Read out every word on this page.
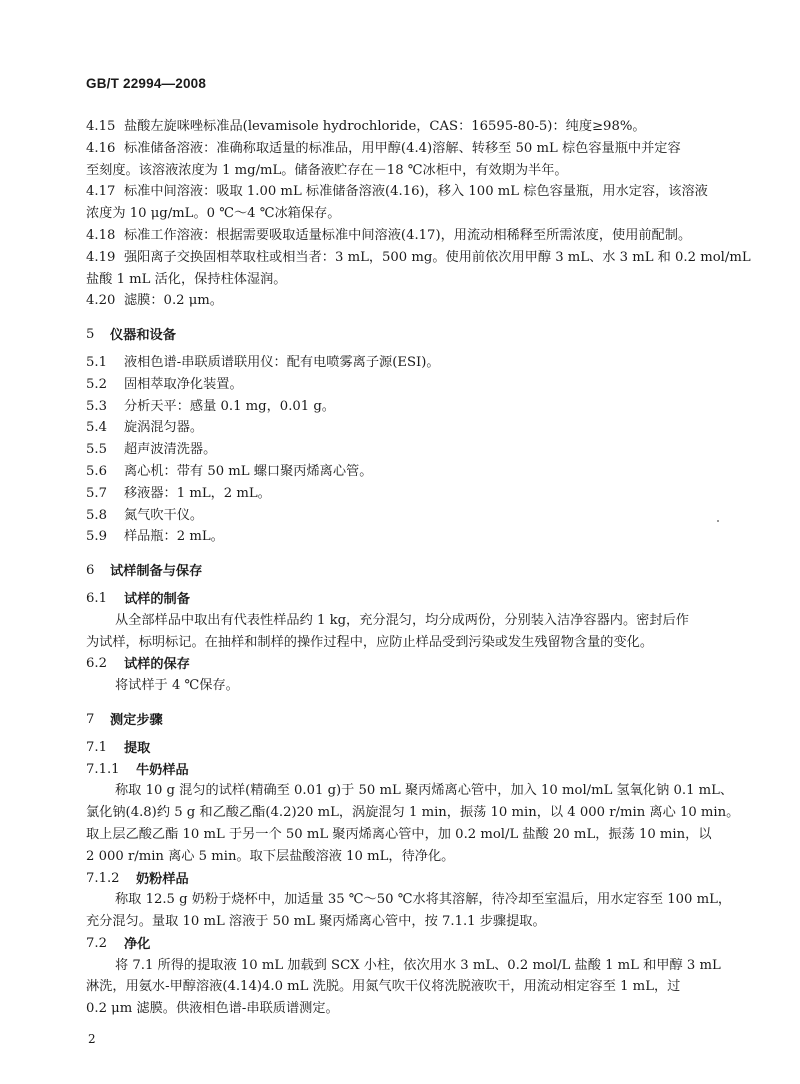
GB/T 22994—2008
4.15 盐酸左旋咪唑标准品(levamisole hydrochloride，CAS：16595-80-5)：纯度≥98%。
4.16 标准储备溶液：准确称取适量的标准品，用甲醇(4.4)溶解、转移至 50 mL 棕色容量瓶中并定容
至刻度。该溶液浓度为 1 mg/mL。储备液贮存在－18 ℃冰柜中，有效期为半年。
4.17 标准中间溶液：吸取 1.00 mL 标准储备溶液(4.16)，移入 100 mL 棕色容量瓶，用水定容，该溶液
浓度为 10 μg/mL。0 ℃～4 ℃冰箱保存。
4.18 标准工作溶液：根据需要吸取适量标准中间溶液(4.17)，用流动相稀释至所需浓度，使用前配制。
4.19 强阳离子交换固相萃取柱或相当者：3 mL，500 mg。使用前依次用甲醇 3 mL、水 3 mL 和 0.2 mol/mL
盐酸 1 mL 活化，保持柱体湿润。
4.20 滤膜：0.2 μm。
5	仪器和设备
5.1	液相色谱-串联质谱联用仪：配有电喷雾离子源(ESI)。
5.2	固相萃取净化装置。
5.3	分析天平：感量 0.1 mg，0.01 g。
5.4	旋涡混匀器。
5.5	超声波清洗器。
5.6	离心机：带有 50 mL 螺口聚丙烯离心管。
5.7	移液器：1 mL，2 mL。
5.8	氮气吹干仪。
5.9	样品瓶：2 mL。
6	试样制备与保存
6.1	试样的制备
从全部样品中取出有代表性样品约 1 kg，充分混匀，均分成两份，分别装入洁净容器内。密封后作
为试样，标明标记。在抽样和制样的操作过程中，应防止样品受到污染或发生残留物含量的变化。
6.2	试样的保存
将试样于 4 ℃保存。
7	测定步骤
7.1	提取
7.1.1	牛奶样品
称取 10 g 混匀的试样(精确至 0.01 g)于 50 mL 聚丙烯离心管中，加入 10 mol/mL 氢氧化钠 0.1 mL、
氯化钠(4.8)约 5 g 和乙酸乙酯(4.2)20 mL，涡旋混匀 1 min，振荡 10 min，以 4 000 r/min 离心 10 min。
取上层乙酸乙酯 10 mL 于另一个 50 mL 聚丙烯离心管中，加 0.2 mol/L 盐酸 20 mL，振荡 10 min，以
2 000 r/min 离心 5 min。取下层盐酸溶液 10 mL，待净化。
7.1.2	奶粉样品
称取 12.5 g 奶粉于烧杯中，加适量 35 ℃～50 ℃水将其溶解，待冷却至室温后，用水定容至 100 mL，
充分混匀。量取 10 mL 溶液于 50 mL 聚丙烯离心管中，按 7.1.1 步骤提取。
7.2	净化
将 7.1 所得的提取液 10 mL 加载到 SCX 小柱，依次用水 3 mL、0.2 mol/L 盐酸 1 mL 和甲醇 3 mL
淋洗，用氨水-甲醇溶液(4.14)4.0 mL 洗脱。用氮气吹干仪将洗脱液吹干，用流动相定容至 1 mL，过
0.2 μm 滤膜。供液相色谱-串联质谱测定。
2
